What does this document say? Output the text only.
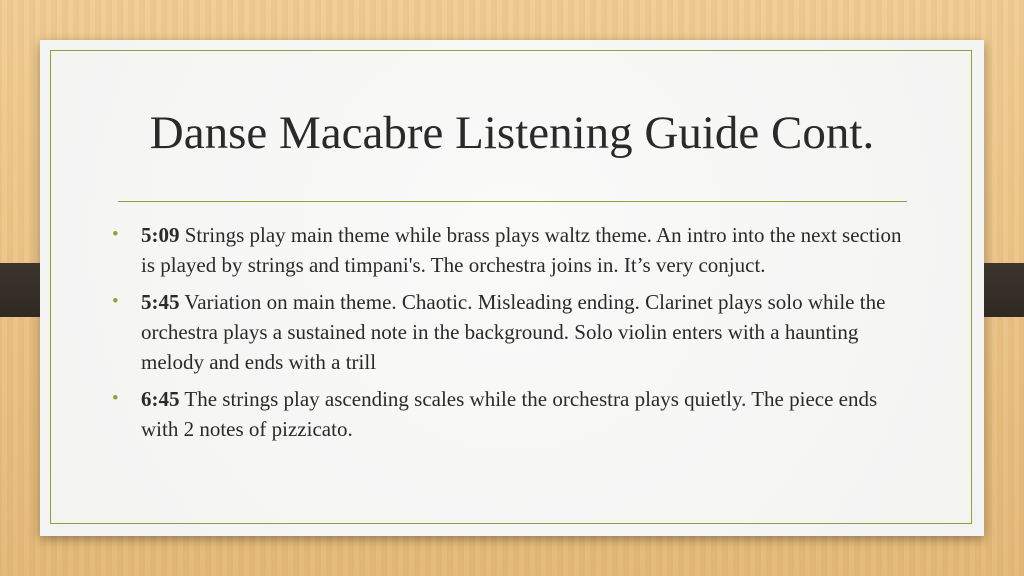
Danse Macabre Listening Guide Cont.
• 5:09 Strings play main theme while brass plays waltz theme. An intro into the next section is played by strings and timpani's. The orchestra joins in. It’s very conjuct.
• 5:45 Variation on main theme. Chaotic. Misleading ending. Clarinet plays solo while the orchestra plays a sustained note in the background. Solo violin enters with a haunting melody and ends with a trill
• 6:45 The strings play ascending scales while the orchestra plays quietly. The piece ends with 2 notes of pizzicato.
